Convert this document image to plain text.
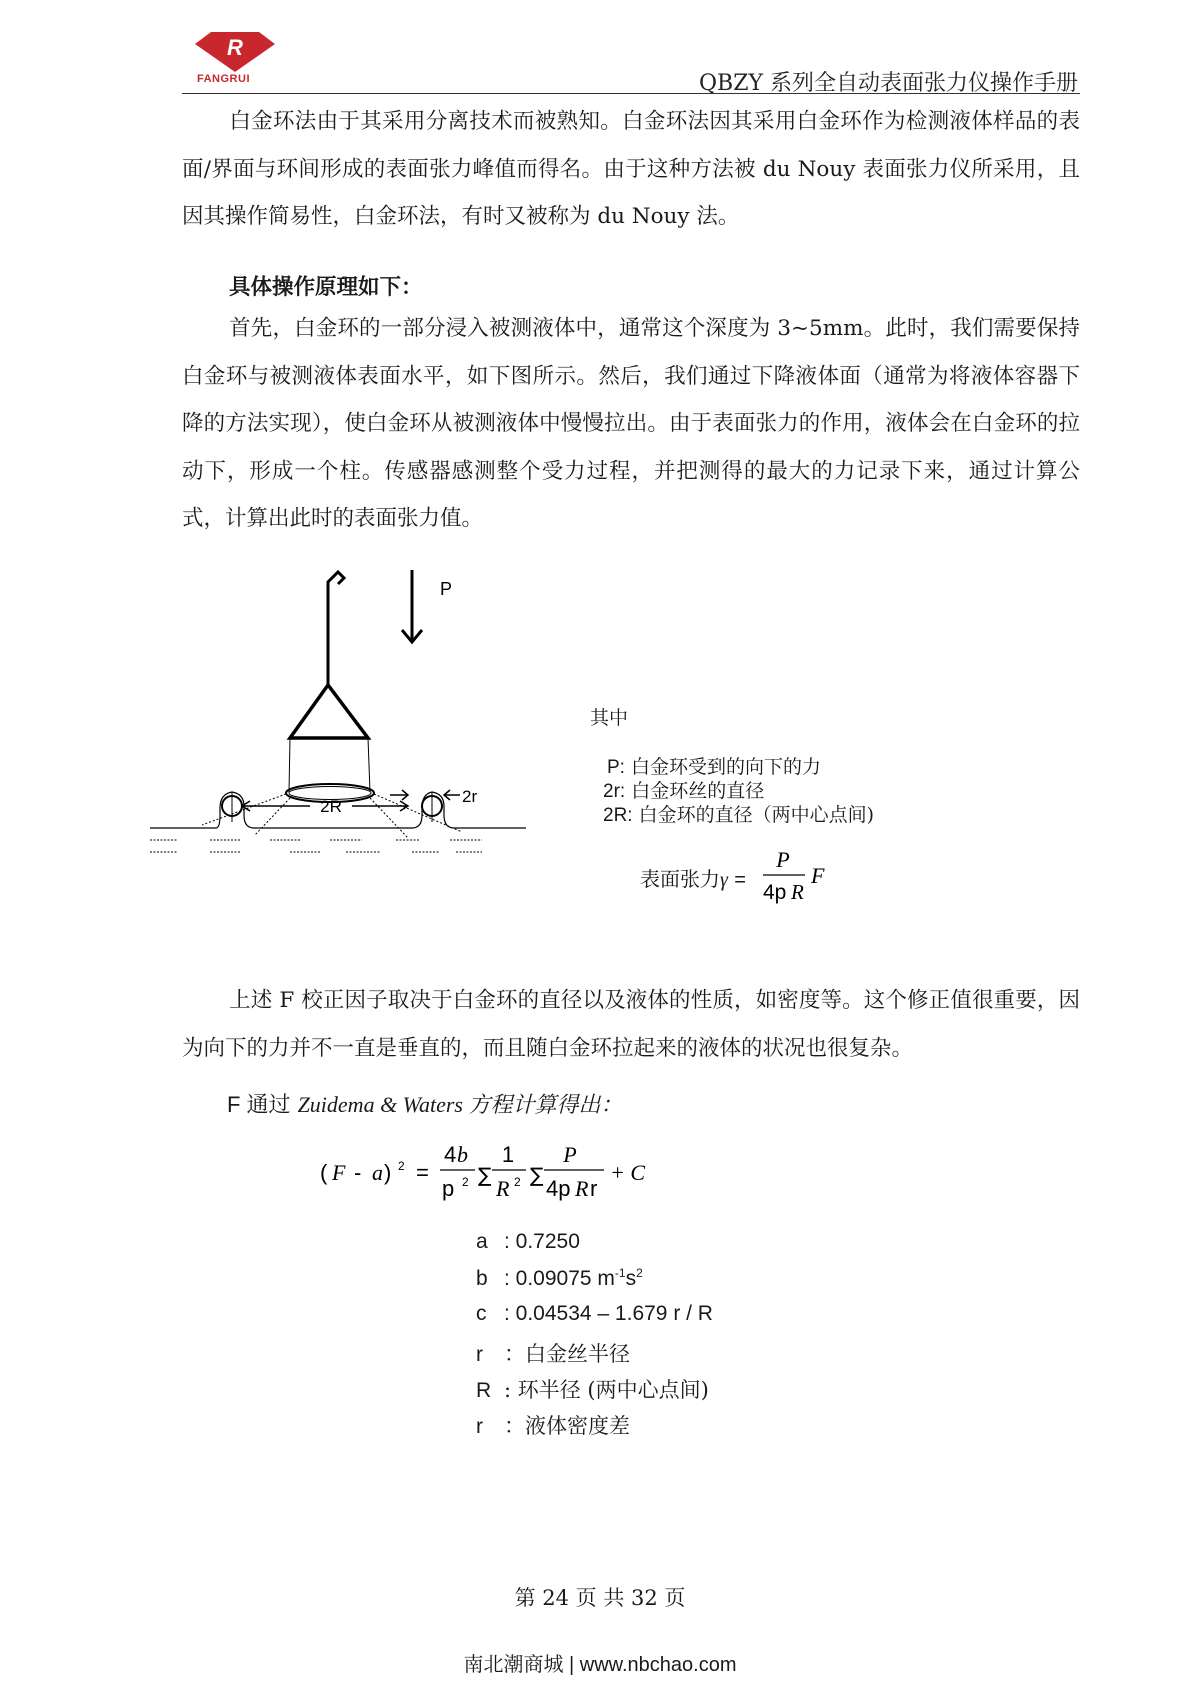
R
FANGRUI	QBZY 系列全自动表面张力仪操作手册

白金环法由于其采用分离技术而被熟知。白金环法因其采用白金环作为检测液体样品的表面/界面与环间形成的表面张力峰值而得名。由于这种方法被 du Nouy 表面张力仪所采用，且因其操作简易性，白金环法，有时又被称为 du Nouy 法。

具体操作原理如下：

首先，白金环的一部分浸入被测液体中，通常这个深度为 3~5mm。此时，我们需要保持白金环与被测液体表面水平，如下图所示。然后，我们通过下降液体面（通常为将液体容器下降的方法实现），使白金环从被测液体中慢慢拉出。由于表面张力的作用，液体会在白金环的拉动下，形成一个柱。传感器感测整个受力过程，并把测得的最大的力记录下来，通过计算公式，计算出此时的表面张力值。

P
2R
2r
其中
P: 白金环受到的向下的力
2r: 白金环丝的直径
2R: 白金环的直径（两中心点间)
表面张力γ =
P
4p R
F

上述 F 校正因子取决于白金环的直径以及液体的性质，如密度等。这个修正值很重要，因为向下的力并不一直是垂直的，而且随白金环拉起来的液体的状况也很复杂。

F 通过 Zuidema & Waters 方程计算得出：
( F - a ) 2 =
4 b
p 2 ∑
1
R 2 ∑
P
4p R r
+ C
a : 0.7250
b : 0.09075 $m^{-1}s^2$
c : 0.04534 – 1.679 r / R
r ：白金丝半径
R : 环半径 (两中心点间)
r ：液体密度差
第 24 页 共 32 页
南北潮商城 | www.nbchao.com
